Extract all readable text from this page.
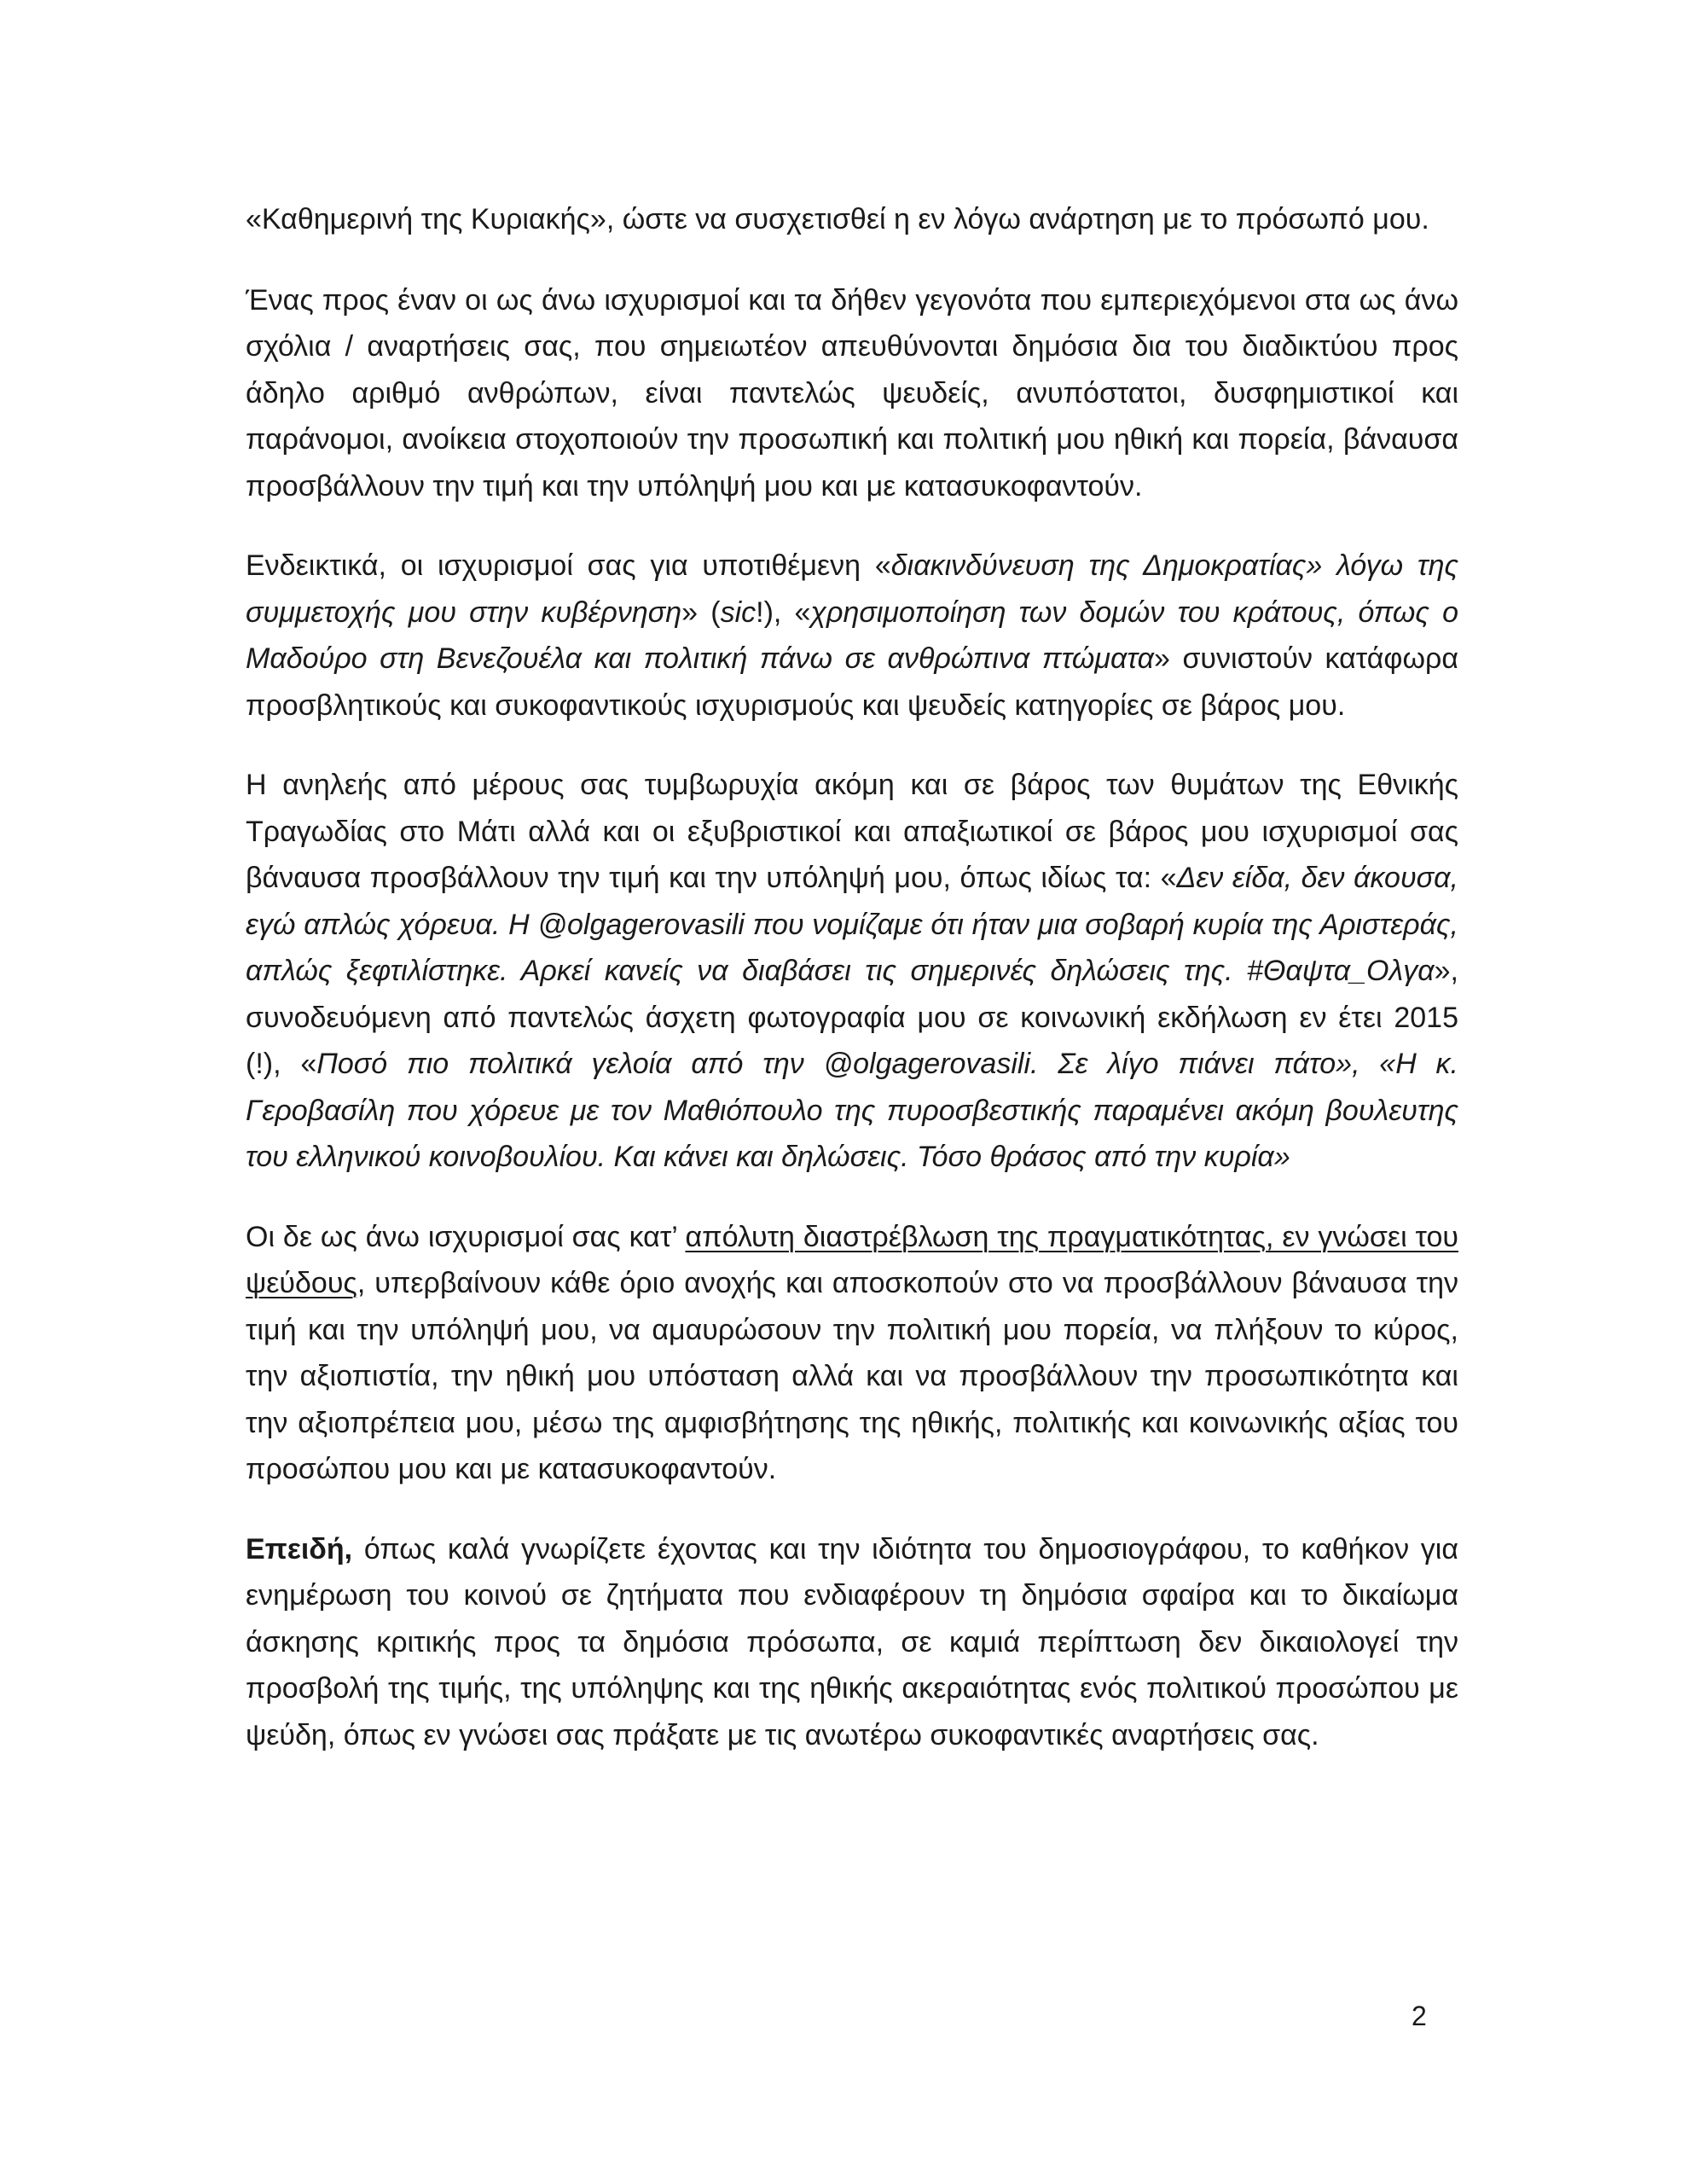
«Καθημερινή της Κυριακής», ώστε να συσχετισθεί η εν λόγω ανάρτηση με το πρόσωπό μου.

Ένας προς έναν οι ως άνω ισχυρισμοί και τα δήθεν γεγονότα που εμπεριεχόμενοι στα ως άνω σχόλια / αναρτήσεις σας, που σημειωτέον απευθύνονται δημόσια δια του διαδικτύου προς άδηλο αριθμό ανθρώπων, είναι παντελώς ψευδείς, ανυπόστατοι, δυσφημιστικοί και παράνομοι, ανοίκεια στοχοποιούν την προσωπική και πολιτική μου ηθική και πορεία, βάναυσα προσβάλλουν την τιμή και την υπόληψή μου και με κατασυκοφαντούν.

Ενδεικτικά, οι ισχυρισμοί σας για υποτιθέμενη «διακινδύνευση της Δημοκρατίας» λόγω της συμμετοχής μου στην κυβέρνηση» (sic!), «χρησιμοποίηση των δομών του κράτους, όπως ο Μαδούρο στη Βενεζουέλα και πολιτική πάνω σε ανθρώπινα πτώματα» συνιστούν κατάφωρα προσβλητικούς και συκοφαντικούς ισχυρισμούς και ψευδείς κατηγορίες σε βάρος μου.

Η ανηλεής από μέρους σας τυμβωρυχία ακόμη και σε βάρος των θυμάτων της Εθνικής Τραγωδίας στο Μάτι αλλά και οι εξυβριστικοί και απαξιωτικοί σε βάρος μου ισχυρισμοί σας βάναυσα προσβάλλουν την τιμή και την υπόληψή μου, όπως ιδίως τα: «Δεν είδα, δεν άκουσα, εγώ απλώς χόρευα. Η @olgagerovasili που νομίζαμε ότι ήταν μια σοβαρή κυρία της Αριστεράς, απλώς ξεφτιλίστηκε. Αρκεί κανείς να διαβάσει τις σημερινές δηλώσεις της. #Θαψτα_Ολγα», συνοδευόμενη από παντελώς άσχετη φωτογραφία μου σε κοινωνική εκδήλωση εν έτει 2015 (!), «Ποσό πιο πολιτικά γελοία από την @olgagerovasili. Σε λίγο πιάνει πάτο», «Η κ. Γεροβασίλη που χόρευε με τον Μαθιόπουλο της πυροσβεστικής παραμένει ακόμη βουλευτης του ελληνικού κοινοβουλίου. Και κάνει και δηλώσεις. Τόσο θράσος από την κυρία»

Οι δε ως άνω ισχυρισμοί σας κατ’ απόλυτη διαστρέβλωση της πραγματικότητας, εν γνώσει του ψεύδους, υπερβαίνουν κάθε όριο ανοχής και αποσκοπούν στο να προσβάλλουν βάναυσα την τιμή και την υπόληψή μου, να αμαυρώσουν την πολιτική μου πορεία, να πλήξουν το κύρος, την αξιοπιστία, την ηθική μου υπόσταση αλλά και να προσβάλλουν την προσωπικότητα και την αξιοπρέπεια μου, μέσω της αμφισβήτησης της ηθικής, πολιτικής και κοινωνικής αξίας του προσώπου μου και με κατασυκοφαντούν.

Επειδή, όπως καλά γνωρίζετε έχοντας και την ιδιότητα του δημοσιογράφου, το καθήκον για ενημέρωση του κοινού σε ζητήματα που ενδιαφέρουν τη δημόσια σφαίρα και το δικαίωμα άσκησης κριτικής προς τα δημόσια πρόσωπα, σε καμιά περίπτωση δεν δικαιολογεί την προσβολή της τιμής, της υπόληψης και της ηθικής ακεραιότητας ενός πολιτικού προσώπου με ψεύδη, όπως εν γνώσει σας πράξατε με τις ανωτέρω συκοφαντικές αναρτήσεις σας.

2
